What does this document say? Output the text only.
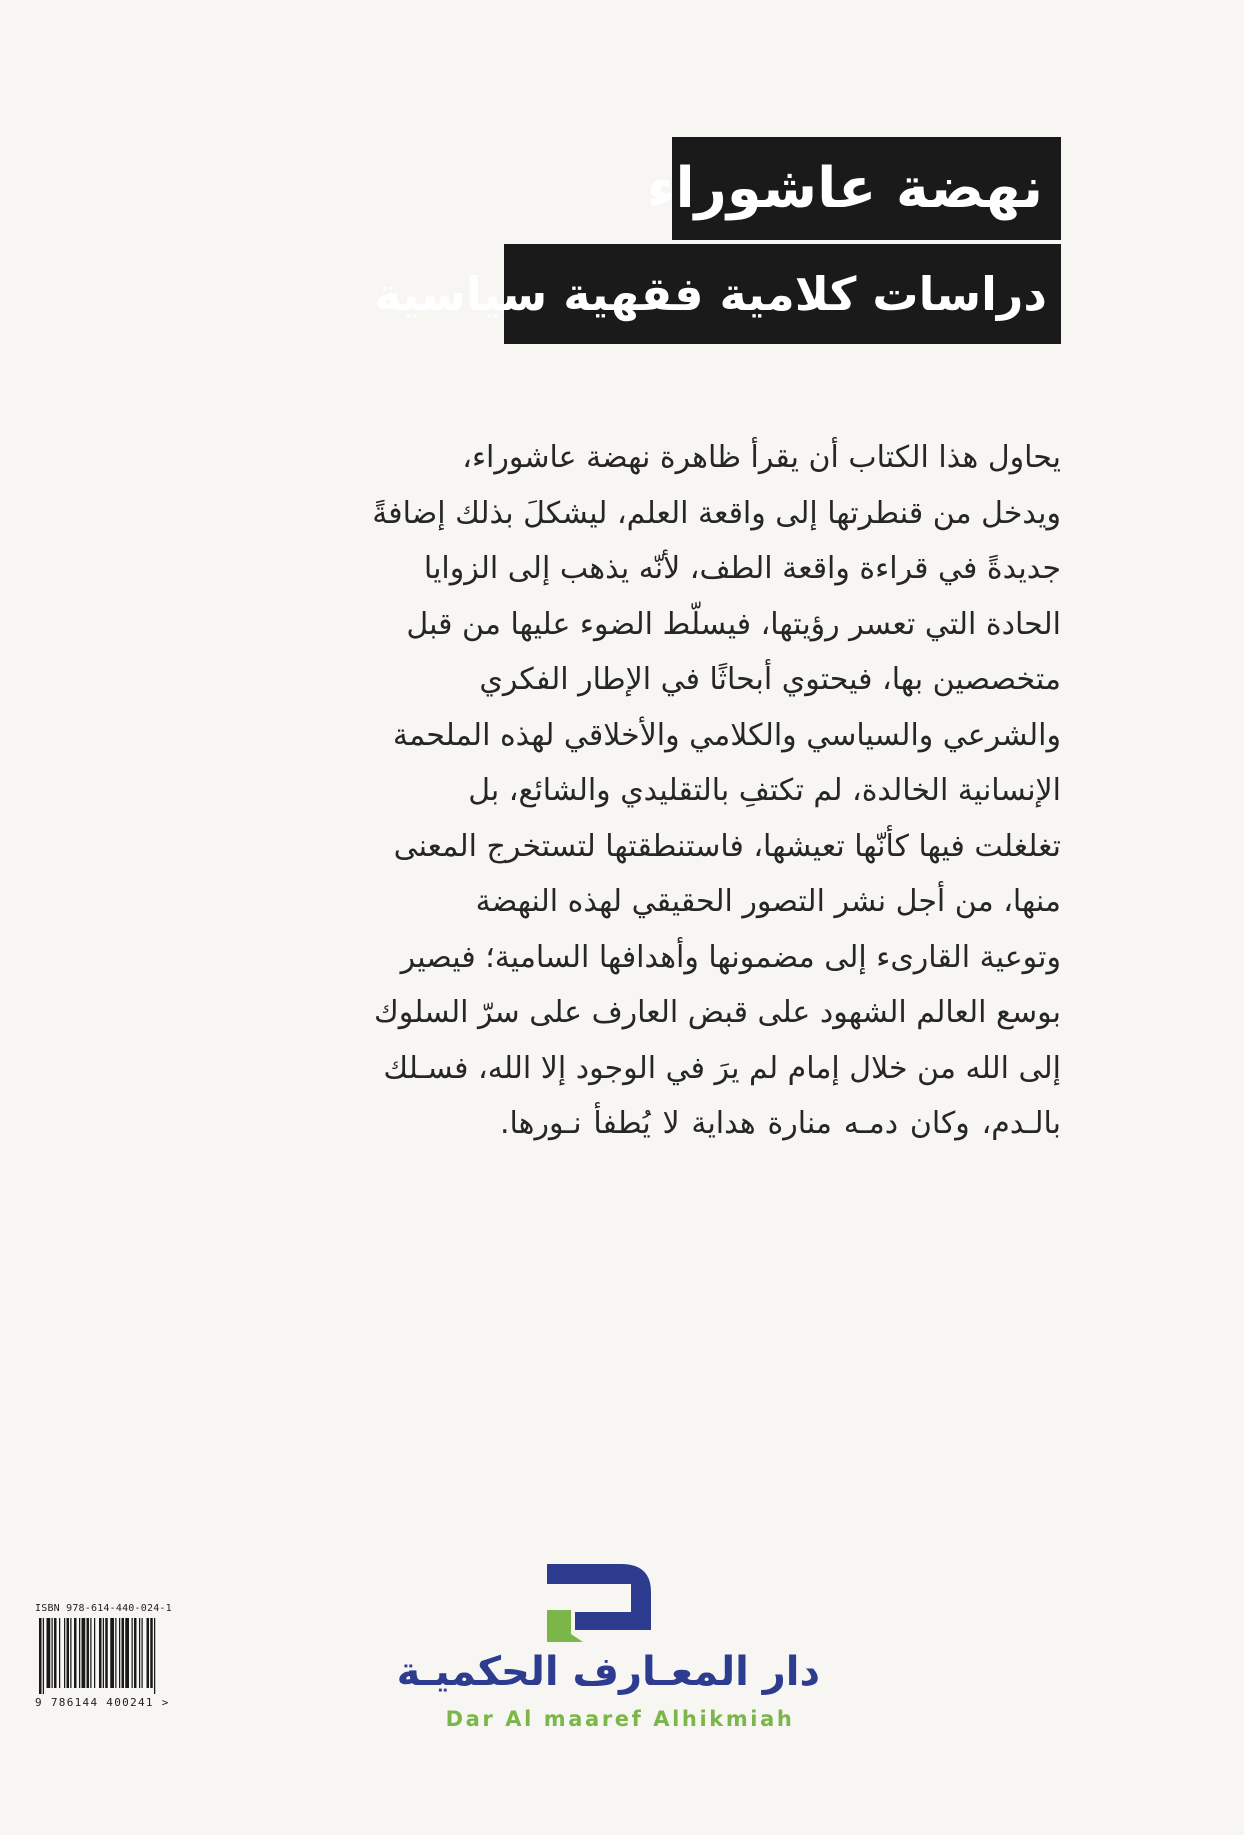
نهضة عاشوراء
دراسات كلامية فقهية سياسية
يحاول هذا الكتاب أن يقرأ ظاهرة نهضة عاشوراء،
ويدخل من قنطرتها إلى واقعة العلم، ليشكلَ بذلك إضافةً
جديدةً في قراءة واقعة الطف، لأنّه يذهب إلى الزوايا
الحادة التي تعسر رؤيتها، فيسلّط الضوء عليها من قبل
متخصصين بها، فيحتوي أبحاثًا في الإطار الفكري
والشرعي والسياسي والكلامي والأخلاقي لهذه الملحمة
الإنسانية الخالدة، لم تكتفِ بالتقليدي والشائع، بل
تغلغلت فيها كأنّها تعيشها، فاستنطقتها لتستخرج المعنى
منها، من أجل نشر التصور الحقيقي لهذه النهضة
وتوعية القارىء إلى مضمونها وأهدافها السامية؛ فيصير
بوسع العالم الشهود على قبض العارف على سرّ السلوك
إلى الله من خلال إمام لم يرَ في الوجود إلا الله، فسـلك
بالـدم، وكان دمـه منارة هداية لا يُطفأ نـورها.
ISBN 978-614-440-024-1
9 786144 400241 >
دار المعـارف الحكميـة
Dar Al maaref Alhikmiah
